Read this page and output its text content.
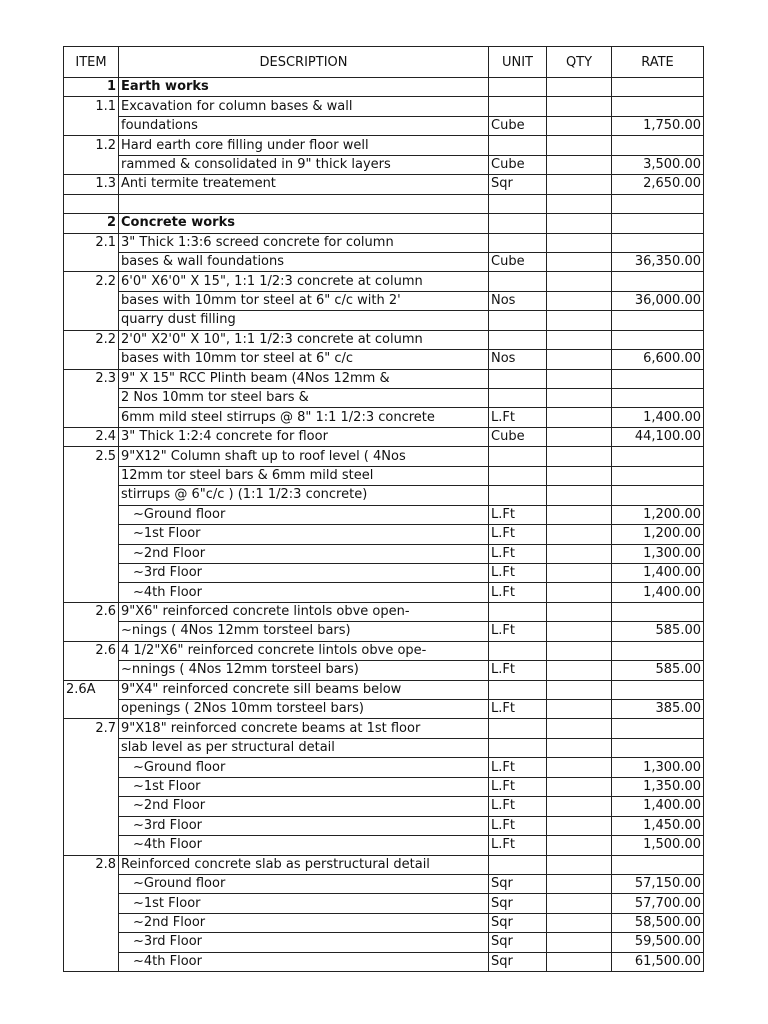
ITEM	DESCRIPTION	UNIT	QTY	RATE
1	Earth works			
1.1	Excavation for column bases & wall			
	foundations	Cube		1,750.00
1.2	Hard earth core filling under floor well			
	rammed & consolidated in 9" thick layers	Cube		3,500.00
1.3	Anti termite treatement	Sqr		2,650.00

2	Concrete works			
2.1	3" Thick 1:3:6 screed concrete for column			
	bases & wall foundations	Cube		36,350.00
2.2	6'0" X6'0" X 15", 1:1 1/2:3 concrete at column			
	bases with 10mm tor steel at 6" c/c with 2'	Nos		36,000.00
	quarry dust filling			
2.2	2'0" X2'0" X 10", 1:1 1/2:3 concrete at column			
	bases with 10mm tor steel at 6" c/c	Nos		6,600.00
2.3	9" X 15" RCC Plinth beam (4Nos 12mm &			
	2 Nos 10mm tor steel bars &			
	6mm mild steel stirrups @ 8" 1:1 1/2:3 concrete	L.Ft		1,400.00
2.4	3" Thick 1:2:4 concrete for floor	Cube		44,100.00
2.5	9"X12" Column shaft up to roof level ( 4Nos			
	12mm tor steel bars & 6mm mild steel			
	stirrups @ 6"c/c ) (1:1 1/2:3 concrete)			
	~Ground floor	L.Ft		1,200.00
	~1st Floor	L.Ft		1,200.00
	~2nd Floor	L.Ft		1,300.00
	~3rd Floor	L.Ft		1,400.00
	~4th Floor	L.Ft		1,400.00
2.6	9"X6" reinforced concrete lintols obve open-			
	~nings ( 4Nos 12mm torsteel bars)	L.Ft		585.00
2.6	4 1/2"X6" reinforced concrete lintols obve ope-			
	~nnings ( 4Nos 12mm torsteel bars)	L.Ft		585.00
2.6A	9"X4" reinforced concrete sill beams below			
	openings ( 2Nos 10mm torsteel bars)	L.Ft		385.00
2.7	9"X18" reinforced concrete beams at 1st floor			
	slab level as per structural detail			
	~Ground floor	L.Ft		1,300.00
	~1st Floor	L.Ft		1,350.00
	~2nd Floor	L.Ft		1,400.00
	~3rd Floor	L.Ft		1,450.00
	~4th Floor	L.Ft		1,500.00
2.8	Reinforced concrete slab as perstructural detail			
	~Ground floor	Sqr		57,150.00
	~1st Floor	Sqr		57,700.00
	~2nd Floor	Sqr		58,500.00
	~3rd Floor	Sqr		59,500.00
	~4th Floor	Sqr		61,500.00
